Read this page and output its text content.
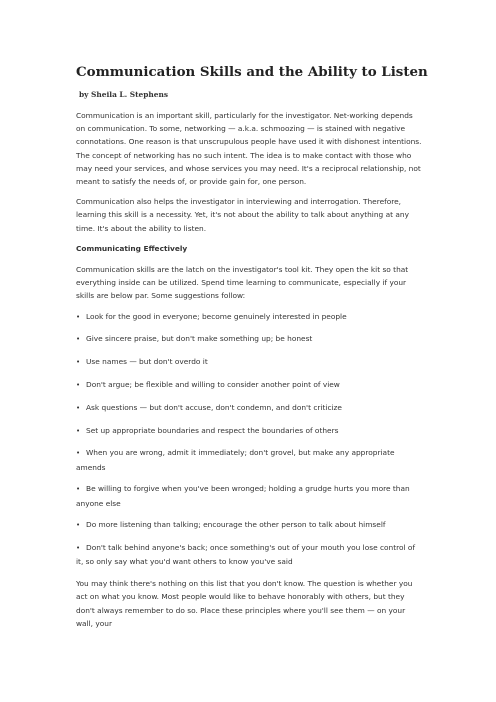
Communication Skills and the Ability to Listen
by Sheila L. Stephens

Communication is an important skill, particularly for the investigator. Net-working depends on communication. To some, networking — a.k.a. schmoozing — is stained with negative connotations. One reason is that unscrupulous people have used it with dishonest intentions. The concept of networking has no such intent. The idea is to make contact with those who may need your services, and whose services you may need. It's a reciprocal relationship, not meant to satisfy the needs of, or provide gain for, one person.

Communication also helps the investigator in interviewing and interrogation. Therefore, learning this skill is a necessity. Yet, it's not about the ability to talk about anything at any time. It's about the ability to listen.

Communicating Effectively

Communication skills are the latch on the investigator's tool kit. They open the kit so that everything inside can be utilized. Spend time learning to communicate, especially if your skills are below par. Some suggestions follow:

• Look for the good in everyone; become genuinely interested in people
• Give sincere praise, but don't make something up; be honest
• Use names — but don't overdo it
• Don't argue; be flexible and willing to consider another point of view
• Ask questions — but don't accuse, don't condemn, and don't criticize
• Set up appropriate boundaries and respect the boundaries of others
• When you are wrong, admit it immediately; don't grovel, but make any appropriate amends
• Be willing to forgive when you've been wronged; holding a grudge hurts you more than anyone else
• Do more listening than talking; encourage the other person to talk about himself
• Don't talk behind anyone's back; once something's out of your mouth you lose control of it, so only say what you'd want others to know you've said

You may think there's nothing on this list that you don't know. The question is whether you act on what you know. Most people would like to behave honorably with others, but they don't always remember to do so. Place these principles where you'll see them — on your wall, your
